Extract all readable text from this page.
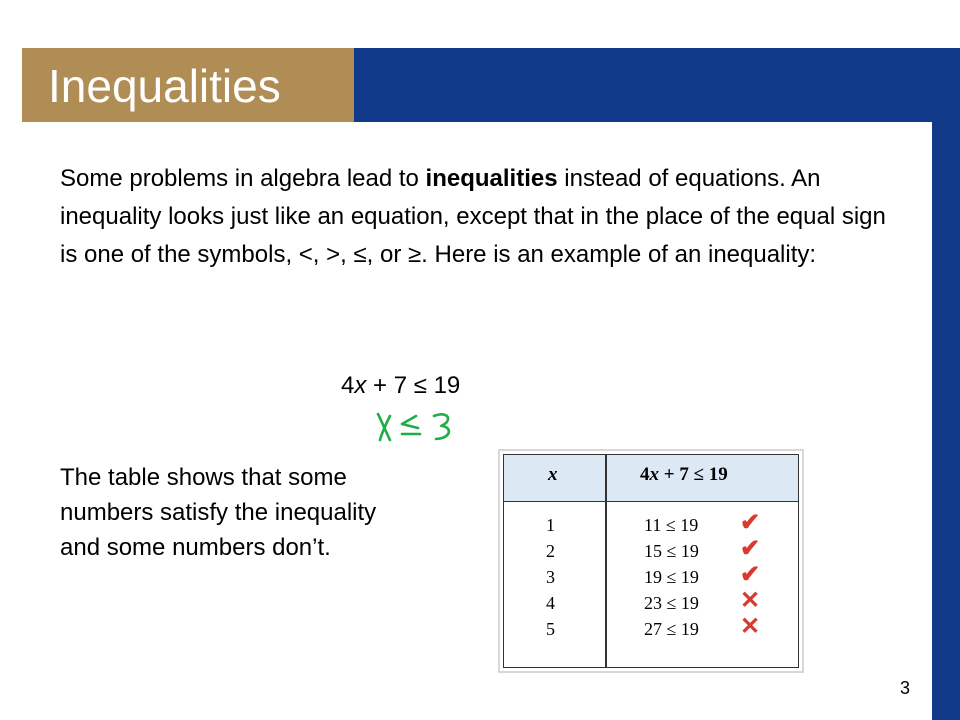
Inequalities
Some problems in algebra lead to inequalities instead of equations. An inequality looks just like an equation, except that in the place of the equal sign is one of the symbols, <, >, ≤, or ≥. Here is an example of an inequality:
4x + 7 ≤ 19
The table shows that some numbers satisfy the inequality and some numbers don’t.
x	4x + 7 ≤ 19
1
2
3
4
5
11 ≤ 19
15 ≤ 19
19 ≤ 19
23 ≤ 19
27 ≤ 19
✔
✔
✔
✕
✕
3
